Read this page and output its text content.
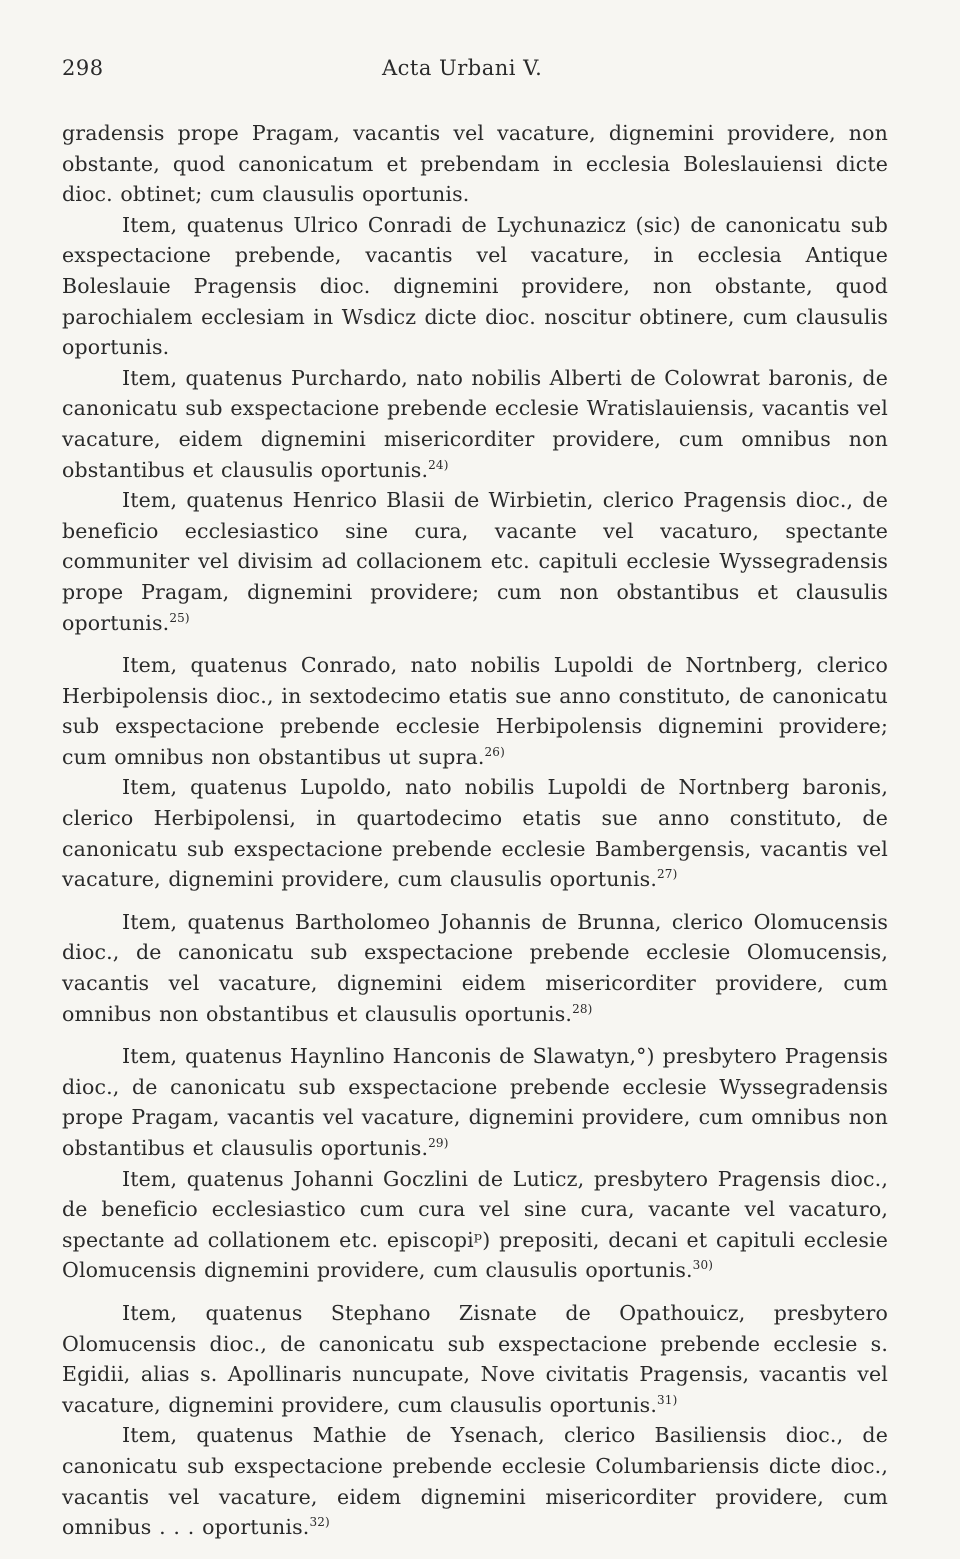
298	Acta Urbani V.

gradensis prope Pragam, vacantis vel vacature, dignemini providere, non obstante, quod canonicatum et prebendam in ecclesia Boleslauiensi dicte dioc. obtinet; cum clausulis oportunis.

Item, quatenus Ulrico Conradi de Lychunazicz (sic) de canonicatu sub exspectacione prebende, vacantis vel vacature, in ecclesia Antique Boleslauie Pragensis dioc. dignemini providere, non obstante, quod parochialem ecclesiam in Wsdicz dicte dioc. noscitur obtinere, cum clausulis oportunis.

Item, quatenus Purchardo, nato nobilis Alberti de Colowrat baronis, de canonicatu sub exspectacione prebende ecclesie Wratislauiensis, vacantis vel vacature, eidem dignemini misericorditer providere, cum omnibus non obstantibus et clausulis oportunis.$^{24)}$

Item, quatenus Henrico Blasii de Wirbietin, clerico Pragensis dioc., de beneficio ecclesiastico sine cura, vacante vel vacaturo, spectante communiter vel divisim ad collacionem etc. capituli ecclesie Wyssegradensis prope Pragam, dignemini providere; cum non obstantibus et clausulis oportunis.$^{25)}$

Item, quatenus Conrado, nato nobilis Lupoldi de Nortnberg, clerico Herbipolensis dioc., in sextodecimo etatis sue anno constituto, de canonicatu sub exspectacione prebende ecclesie Herbipolensis dignemini providere; cum omnibus non obstantibus ut supra.$^{26)}$

Item, quatenus Lupoldo, nato nobilis Lupoldi de Nortnberg baronis, clerico Herbipolensi, in quartodecimo etatis sue anno constituto, de canonicatu sub exspectacione prebende ecclesie Bambergensis, vacantis vel vacature, dignemini providere, cum clausulis oportunis.$^{27)}$

Item, quatenus Bartholomeo Johannis de Brunna, clerico Olomucensis dioc., de canonicatu sub exspectacione prebende ecclesie Olomucensis, vacantis vel vacature, dignemini eidem misericorditer providere, cum omnibus non obstantibus et clausulis oportunis.$^{28)}$

Item, quatenus Haynlino Hanconis de Slawatyn,°) presbytero Pragensis dioc., de canonicatu sub exspectacione prebende ecclesie Wyssegradensis prope Pragam, vacantis vel vacature, dignemini providere, cum omnibus non obstantibus et clausulis oportunis.$^{29)}$

Item, quatenus Johanni Goczlini de Luticz, presbytero Pragensis dioc., de beneficio ecclesiastico cum cura vel sine cura, vacante vel vacaturo, spectante ad collationem etc. episcopiᵖ) prepositi, decani et capituli ecclesie Olomucensis dignemini providere, cum clausulis oportunis.$^{30)}$

Item, quatenus Stephano Zisnate de Opathouicz, presbytero Olomucensis dioc., de canonicatu sub exspectacione prebende ecclesie s. Egidii, alias s. Apollinaris nuncupate, Nove civitatis Pragensis, vacantis vel vacature, dignemini providere, cum clausulis oportunis.$^{31)}$

Item, quatenus Mathie de Ysenach, clerico Basiliensis dioc., de canonicatu sub exspectacione prebende ecclesie Columbariensis dicte dioc., vacantis vel vacature, eidem dignemini misericorditer providere, cum omnibus . . . oportunis.$^{32)}$
